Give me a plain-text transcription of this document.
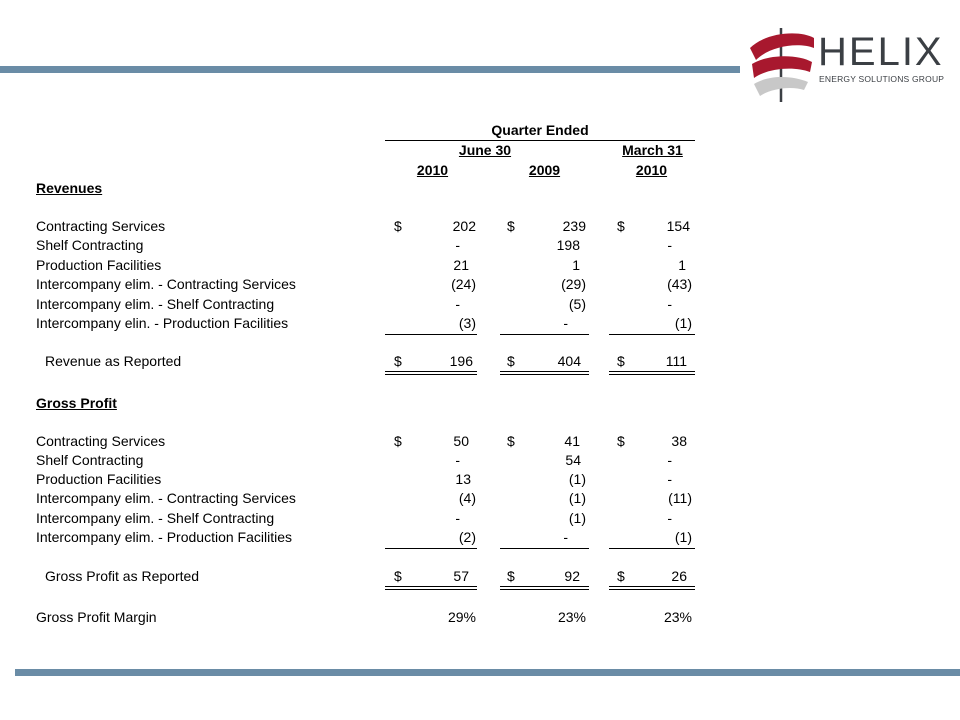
HELIX
ENERGY SOLUTIONS GROUP
Quarter Ended
June 30	March 31
2010	2009	2010
Revenues
Contracting Services	$	202 $	239 $	154
Shelf Contracting	-	198	-
Production Facilities	21	1	1
Intercompany elim. - Contracting Services	(24)	(29)	(43)
Intercompany elim. - Shelf Contracting	-	(5)	-
Intercompany elin. - Production Facilities	(3)	-	(1)
Revenue as Reported	$	196 $	404	$	111
Gross Profit
Contracting Services	$	50	$	41	$	38
Shelf Contracting	-	54	-
Production Facilities	13	(1)	-
Intercompany elim. - Contracting Services	(4)	(1)	(11)
Intercompany elim. - Shelf Contracting	-	(1)	-
Intercompany elim. - Production Facilities	(2)	-	(1)
Gross Profit as Reported	$	57	$	92	$	26
Gross Profit Margin	29%	23%	23%
